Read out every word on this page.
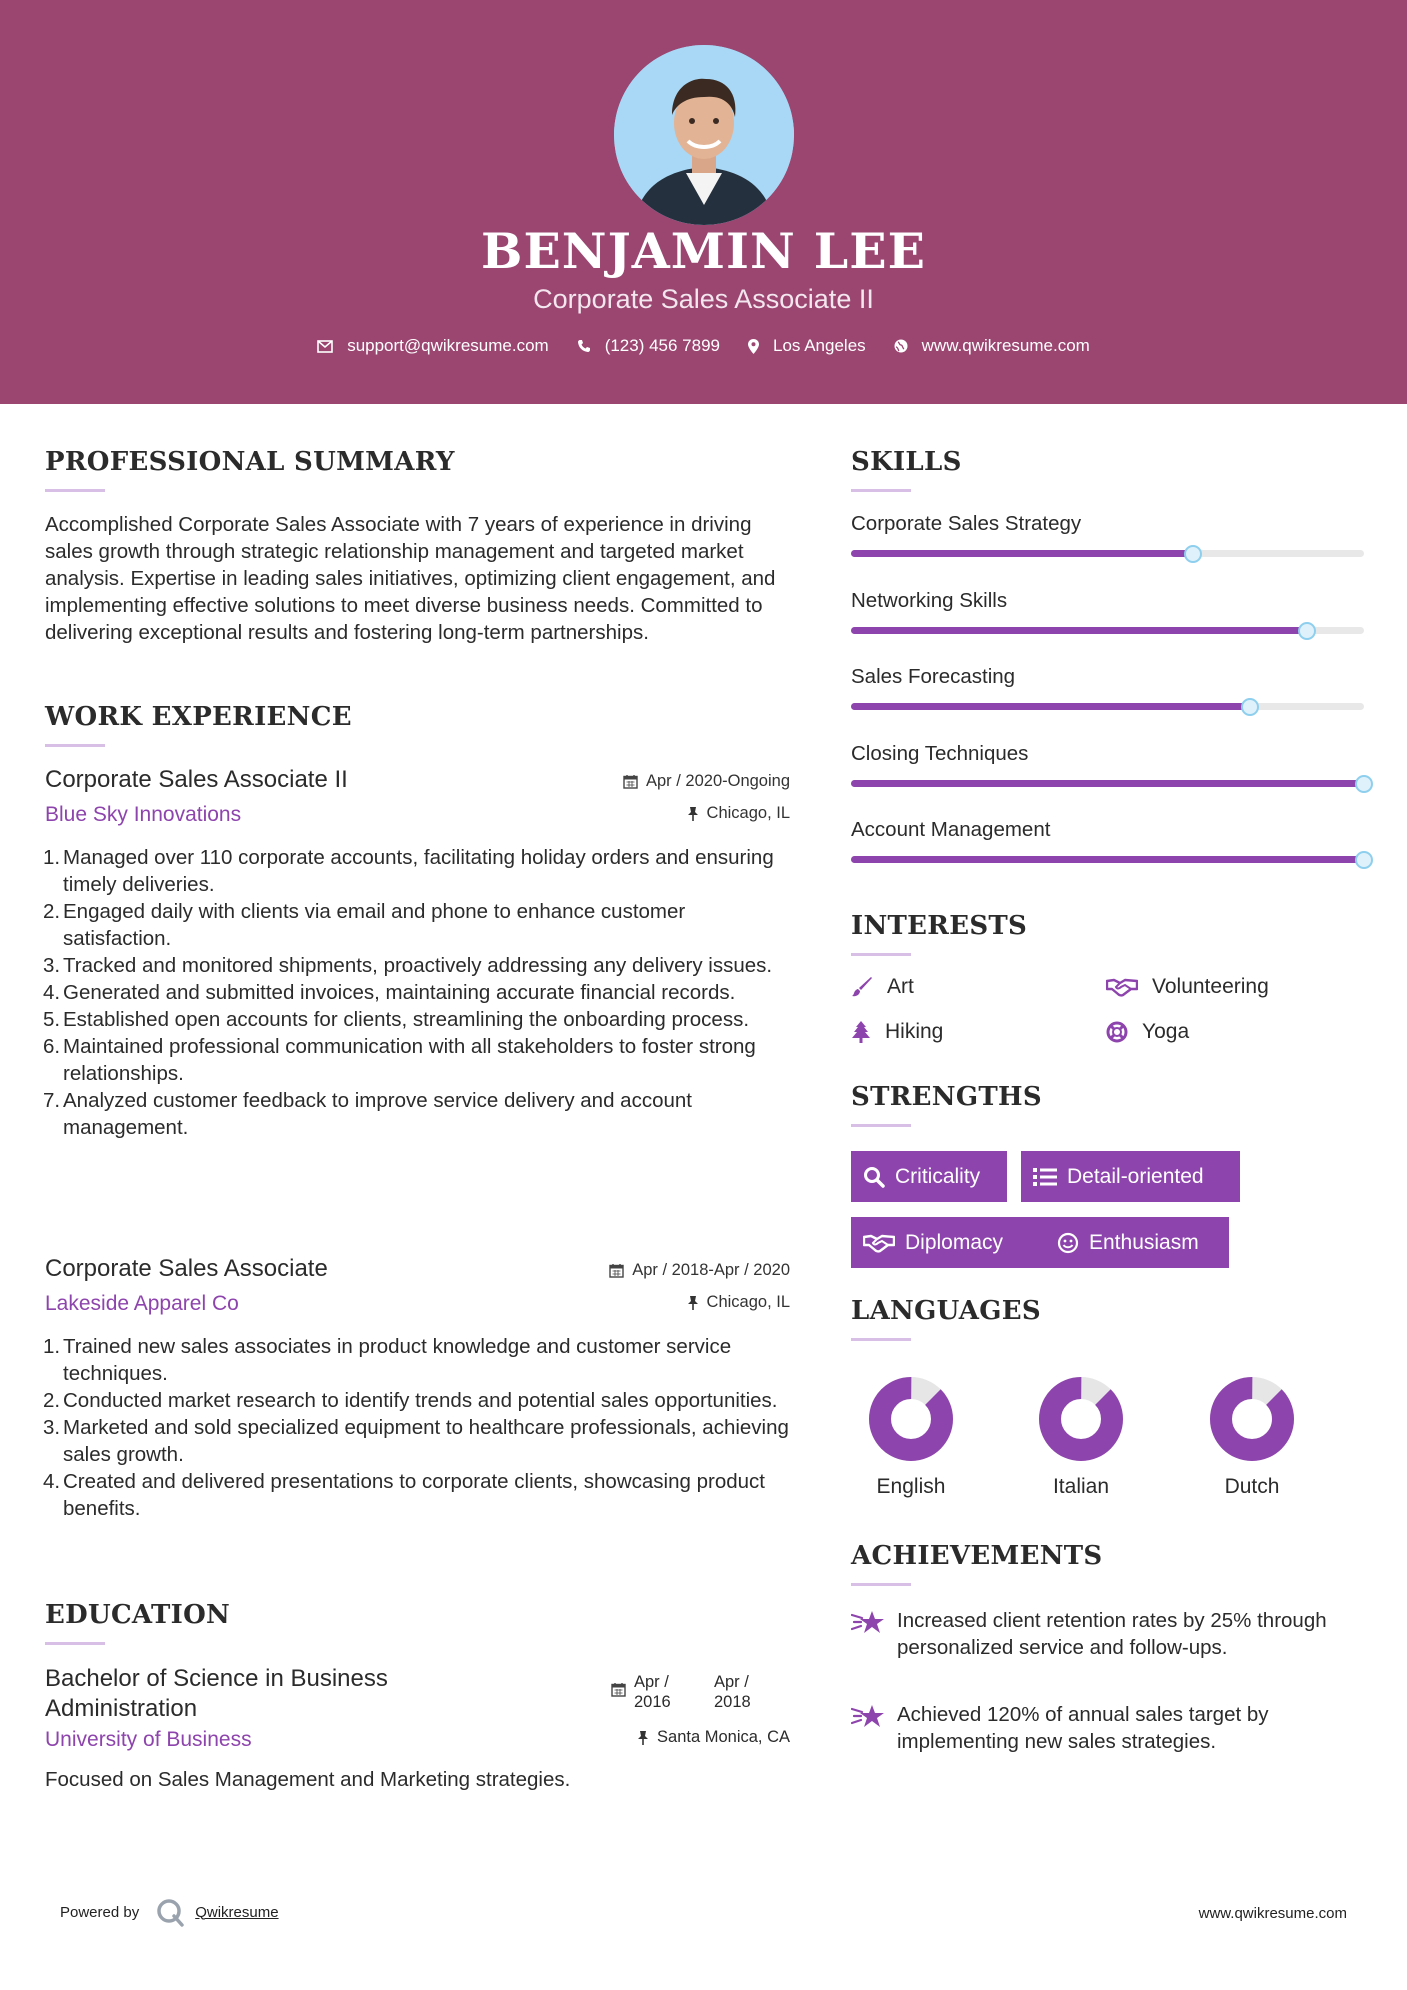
BENJAMIN LEE
Corporate Sales Associate II
support@qwikresume.com	(123) 456 7899	Los Angeles	www.qwikresume.com
PROFESSIONAL SUMMARY
Accomplished Corporate Sales Associate with 7 years of experience in driving sales growth through strategic relationship management and targeted market analysis. Expertise in leading sales initiatives, optimizing client engagement, and implementing effective solutions to meet diverse business needs. Committed to delivering exceptional results and fostering long-term partnerships.
WORK EXPERIENCE
Corporate Sales Associate II
Blue Sky Innovations
Apr / 2020-Ongoing
Chicago, IL
1. Managed over 110 corporate accounts, facilitating holiday orders and ensuring timely deliveries.
2. Engaged daily with clients via email and phone to enhance customer satisfaction.
3. Tracked and monitored shipments, proactively addressing any delivery issues.
4. Generated and submitted invoices, maintaining accurate financial records.
5. Established open accounts for clients, streamlining the onboarding process.
6. Maintained professional communication with all stakeholders to foster strong relationships.
7. Analyzed customer feedback to improve service delivery and account management.
Corporate Sales Associate
Lakeside Apparel Co
Apr / 2018-Apr / 2020
Chicago, IL
1. Trained new sales associates in product knowledge and customer service techniques.
2. Conducted market research to identify trends and potential sales opportunities.
3. Marketed and sold specialized equipment to healthcare professionals, achieving sales growth.
4. Created and delivered presentations to corporate clients, showcasing product benefits.
EDUCATION
Bachelor of Science in Business Administration
Apr /
2016
Apr /
2018
University of Business	Santa Monica, CA
Focused on Sales Management and Marketing strategies.
SKILLS
Corporate Sales Strategy
Networking Skills
Sales Forecasting
Closing Techniques
Account Management
INTERESTS
Art	Volunteering
Hiking	Yoga
STRENGTHS
Criticality	Detail-oriented
Diplomacy	Enthusiasm
LANGUAGES
English	Italian	Dutch
ACHIEVEMENTS
Increased client retention rates by 25% through personalized service and follow-ups.
Achieved 120% of annual sales target by implementing new sales strategies.
Powered by	Qwikresume	www.qwikresume.com
